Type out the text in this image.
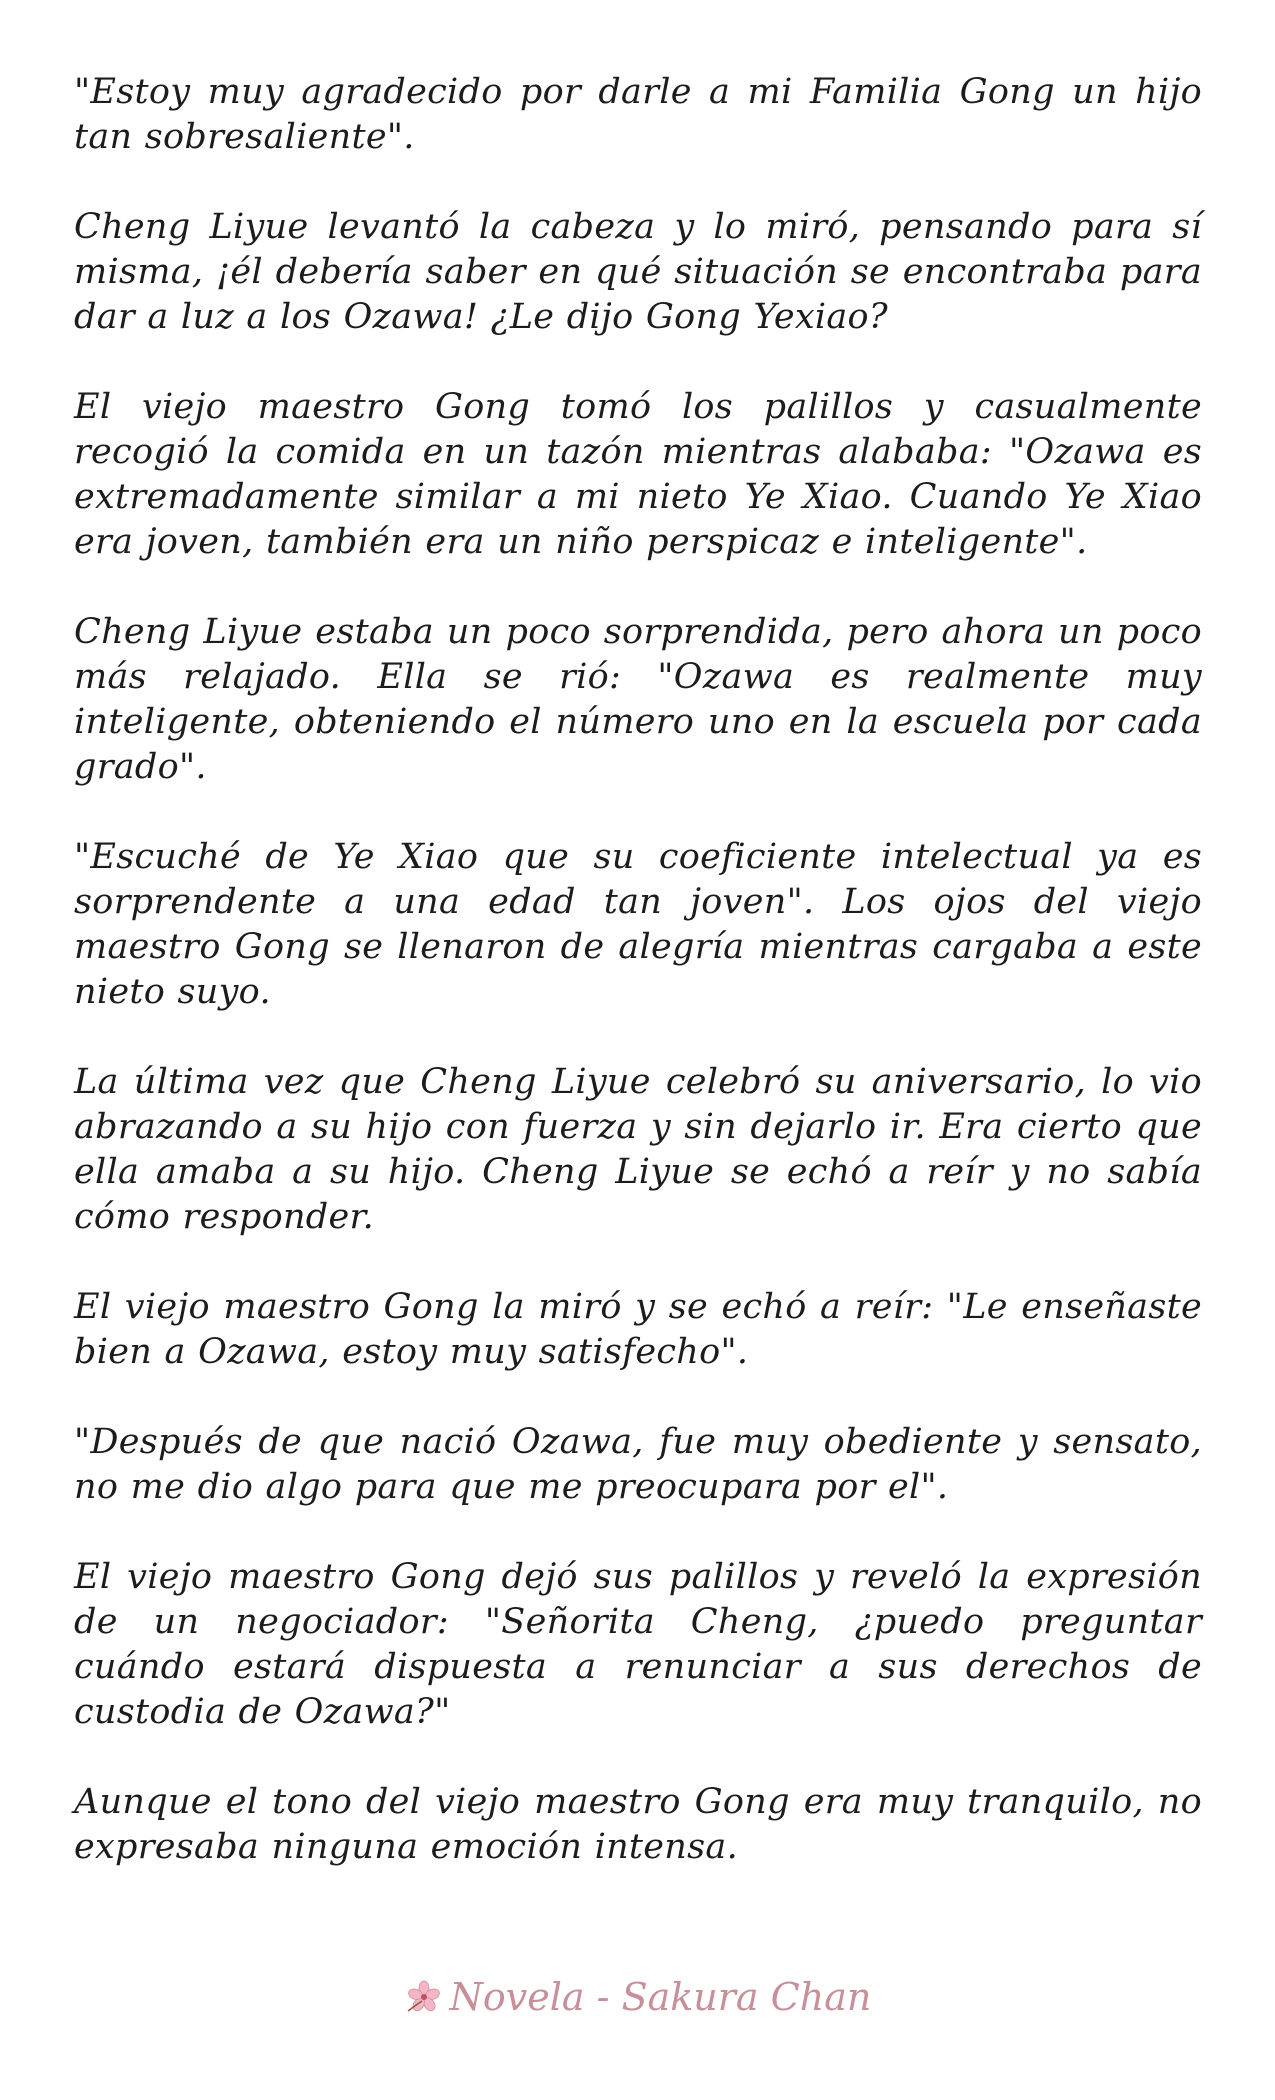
"Estoy muy agradecido por darle a mi Familia Gong un hijo tan sobresaliente".

Cheng Liyue levantó la cabeza y lo miró, pensando para sí misma, ¡él debería saber en qué situación se encontraba para dar a luz a los Ozawa! ¿Le dijo Gong Yexiao?

El viejo maestro Gong tomó los palillos y casualmente recogió la comida en un tazón mientras alababa: "Ozawa es extremadamente similar a mi nieto Ye Xiao. Cuando Ye Xiao era joven, también era un niño perspicaz e inteligente".

Cheng Liyue estaba un poco sorprendida, pero ahora un poco más relajado. Ella se rió: "Ozawa es realmente muy inteligente, obteniendo el número uno en la escuela por cada grado".

"Escuché de Ye Xiao que su coeficiente intelectual ya es sorprendente a una edad tan joven". Los ojos del viejo maestro Gong se llenaron de alegría mientras cargaba a este nieto suyo.

La última vez que Cheng Liyue celebró su aniversario, lo vio abrazando a su hijo con fuerza y sin dejarlo ir. Era cierto que ella amaba a su hijo. Cheng Liyue se echó a reír y no sabía cómo responder.

El viejo maestro Gong la miró y se echó a reír: "Le enseñaste bien a Ozawa, estoy muy satisfecho".

"Después de que nació Ozawa, fue muy obediente y sensato, no me dio algo para que me preocupara por el".

El viejo maestro Gong dejó sus palillos y reveló la expresión de un negociador: "Señorita Cheng, ¿puedo preguntar cuándo estará dispuesta a renunciar a sus derechos de custodia de Ozawa?"

Aunque el tono del viejo maestro Gong era muy tranquilo, no expresaba ninguna emoción intensa.

Novela - Sakura Chan
